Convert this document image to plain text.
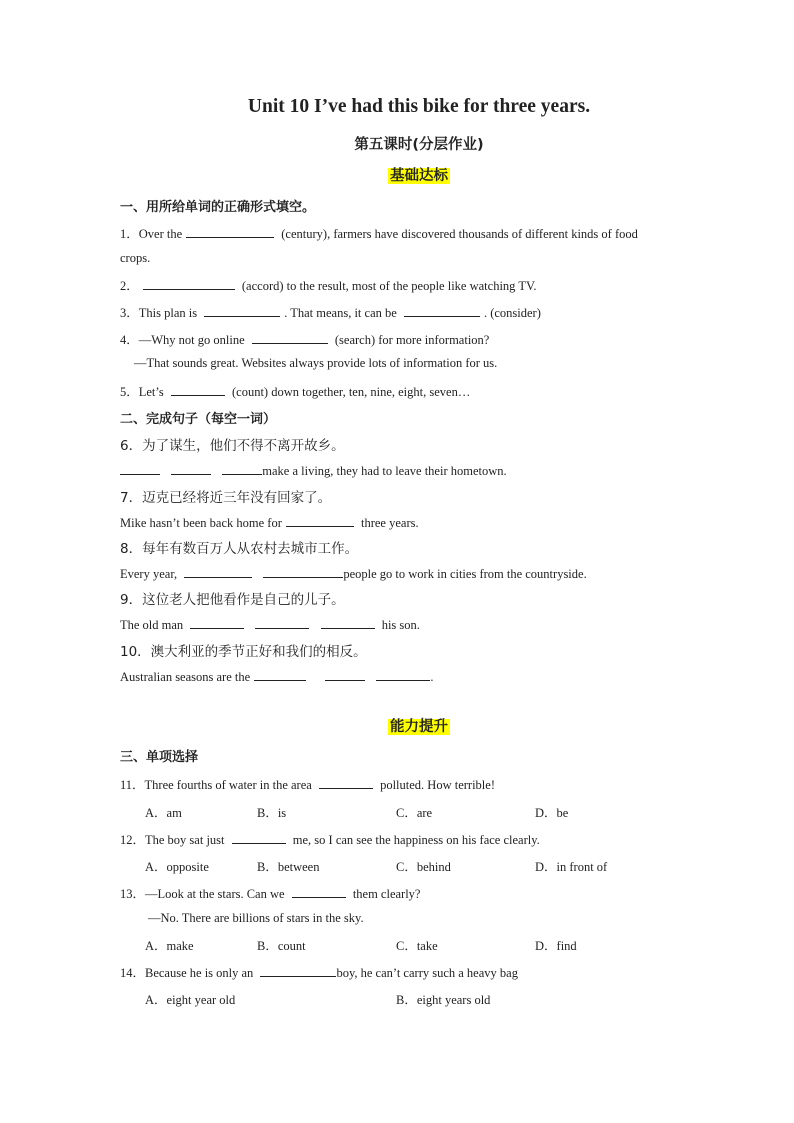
Unit 10 I’ve had this bike for three years.
第五课时(分层作业)
基础达标
一、用所给单词的正确形式填空。
1．Over the	(century), farmers have discovered thousands of different kinds of food
crops.
2．	(accord) to the result, most of the people like watching TV.
3．This plan is	. That means, it can be	. (consider)
4．—Why not go online	(search) for more information?
—That sounds great. Websites always provide lots of information for us.
5．Let’s	(count) down together, ten, nine, eight, seven…
二、完成句子（每空一词）
6．为了谋生，他们不得不离开故乡。
make a living, they had to leave their hometown.
7．迈克已经将近三年没有回家了。
Mike hasn’t been back home for	three years.
8．每年有数百万人从农村去城市工作。
Every year,	people go to work in cities from the countryside.
9．这位老人把他看作是自己的儿子。
The old man	his son.
10．澳大利亚的季节正好和我们的相反。
Australian seasons are the	.
能力提升
三、单项选择
11．Three fourths of water in the area	polluted. How terrible!
A．am	B．is	C．are	D．be
12．The boy sat just	me, so I can see the happiness on his face clearly.
A．opposite	B．between	C．behind	D．in front of
13．—Look at the stars. Can we	them clearly?
—No. There are billions of stars in the sky.
A．make	B．count	C．take	D．find
14．Because he is only an	boy, he can’t carry such a heavy bag
A．eight year old	B．eight years old
